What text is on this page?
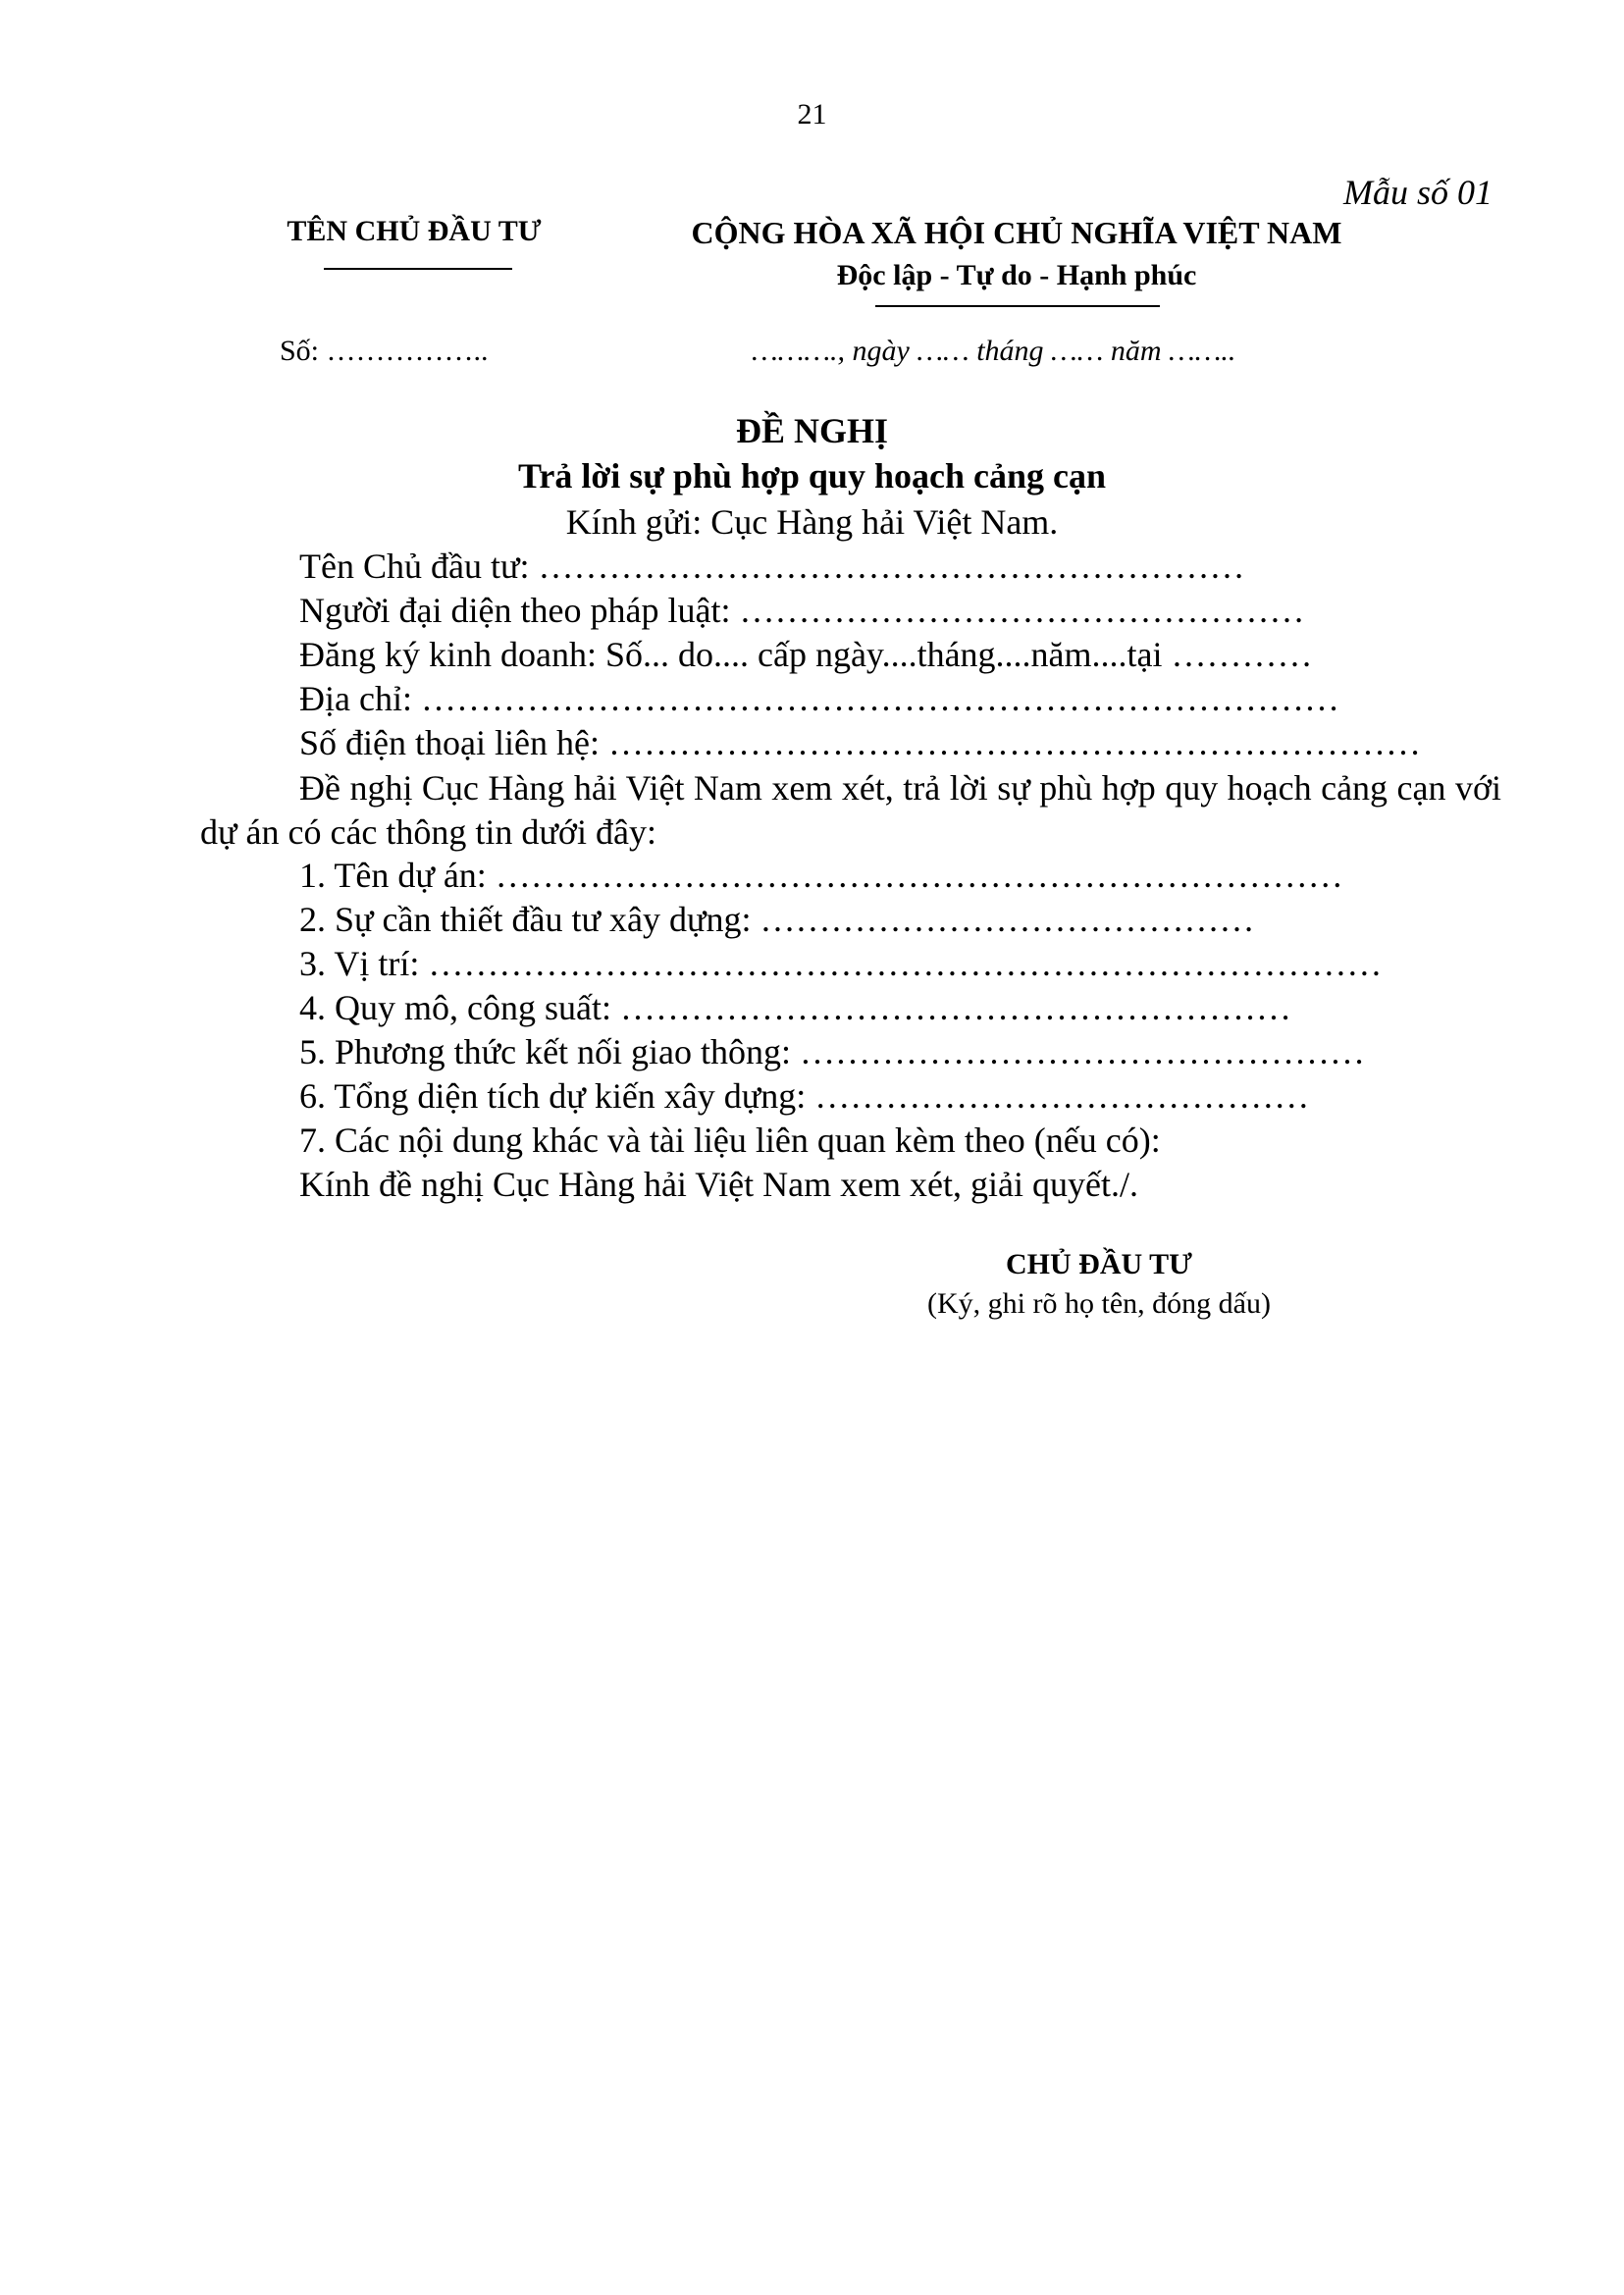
21
Mẫu số 01
TÊN CHỦ ĐẦU TƯ	CỘNG HÒA XÃ HỘI CHỦ NGHĨA VIỆT NAM
Độc lập - Tự do - Hạnh phúc
Số: ……………..	………., ngày …… tháng …… năm ……..
ĐỀ NGHỊ
Trả lời sự phù hợp quy hoạch cảng cạn
Kính gửi: Cục Hàng hải Việt Nam.
Tên Chủ đầu tư: ……………………………………………………
Người đại diện theo pháp luật: …………………………………………
Đăng ký kinh doanh: Số... do.... cấp ngày....tháng....năm....tại …………
Địa chỉ: ……………………………………………………………………
Số điện thoại liên hệ: ……………………………………………………………
Đề nghị Cục Hàng hải Việt Nam xem xét, trả lời sự phù hợp quy hoạch cảng cạn với dự án có các thông tin dưới đây:
1. Tên dự án: ………………………………………………………………
2. Sự cần thiết đầu tư xây dựng: ……………………………………
3. Vị trí: ………………………………………………………………………
4. Quy mô, công suất: …………………………………………………
5. Phương thức kết nối giao thông: …………………………………………
6. Tổng diện tích dự kiến xây dựng: ……………………………………
7. Các nội dung khác và tài liệu liên quan kèm theo (nếu có):
Kính đề nghị Cục Hàng hải Việt Nam xem xét, giải quyết./.
CHỦ ĐẦU TƯ
(Ký, ghi rõ họ tên, đóng dấu)
